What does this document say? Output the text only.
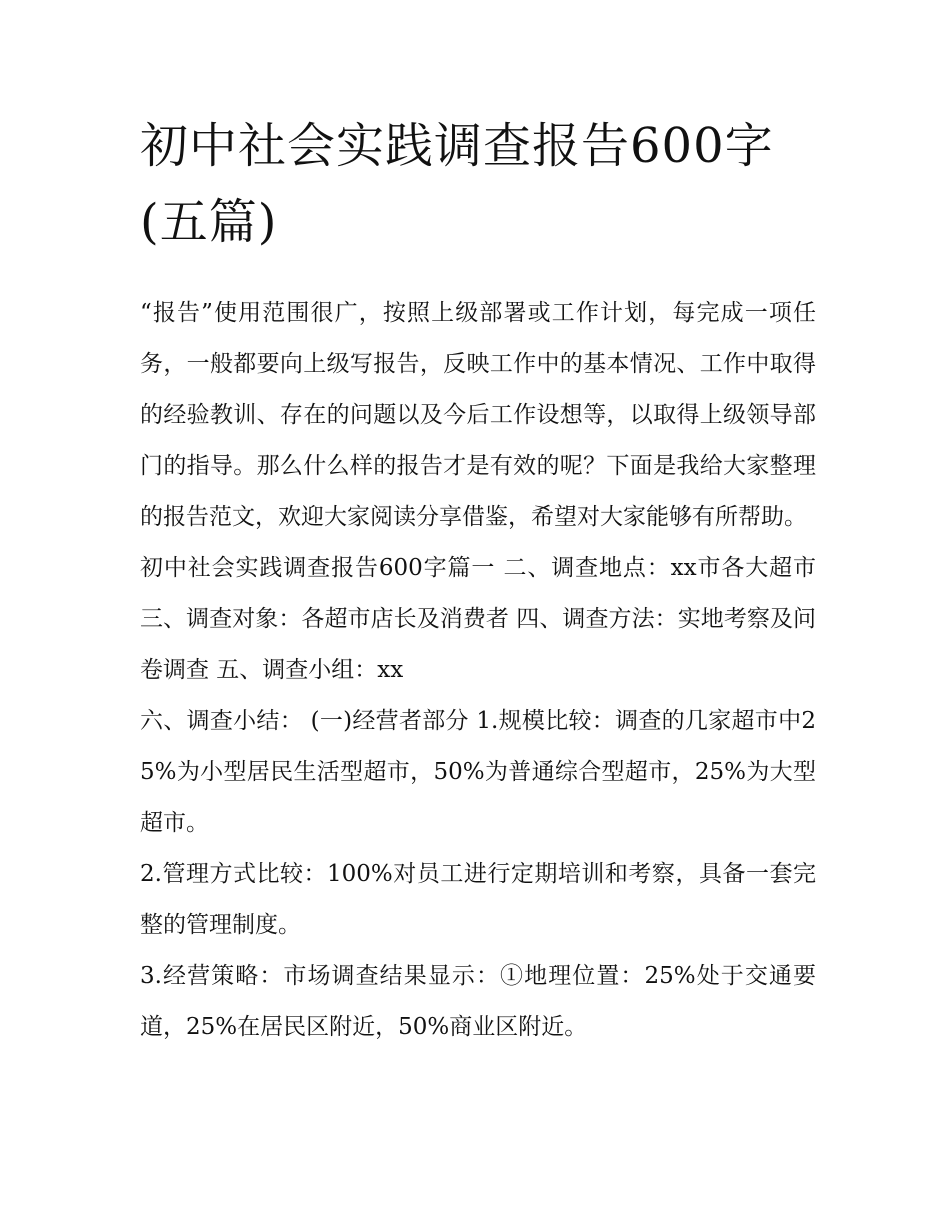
初中社会实践调查报告600字(五篇)

“报告”使用范围很广，按照上级部署或工作计划，每完成一项任务，一般都要向上级写报告，反映工作中的基本情况、工作中取得的经验教训、存在的问题以及今后工作设想等，以取得上级领导部门的指导。那么什么样的报告才是有效的呢？下面是我给大家整理的报告范文，欢迎大家阅读分享借鉴，希望对大家能够有所帮助。

初中社会实践调查报告600字篇一 二、调查地点：xx市各大超市 三、调查对象：各超市店长及消费者 四、调查方法：实地考察及问卷调查 五、调查小组：xx

六、调查小结： (一)经营者部分 1.规模比较：调查的几家超市中25%为小型居民生活型超市，50%为普通综合型超市，25%为大型超市。

2.管理方式比较：100%对员工进行定期培训和考察，具备一套完整的管理制度。

3.经营策略：市场调查结果显示：①地理位置：25%处于交通要道，25%在居民区附近，50%商业区附近。
